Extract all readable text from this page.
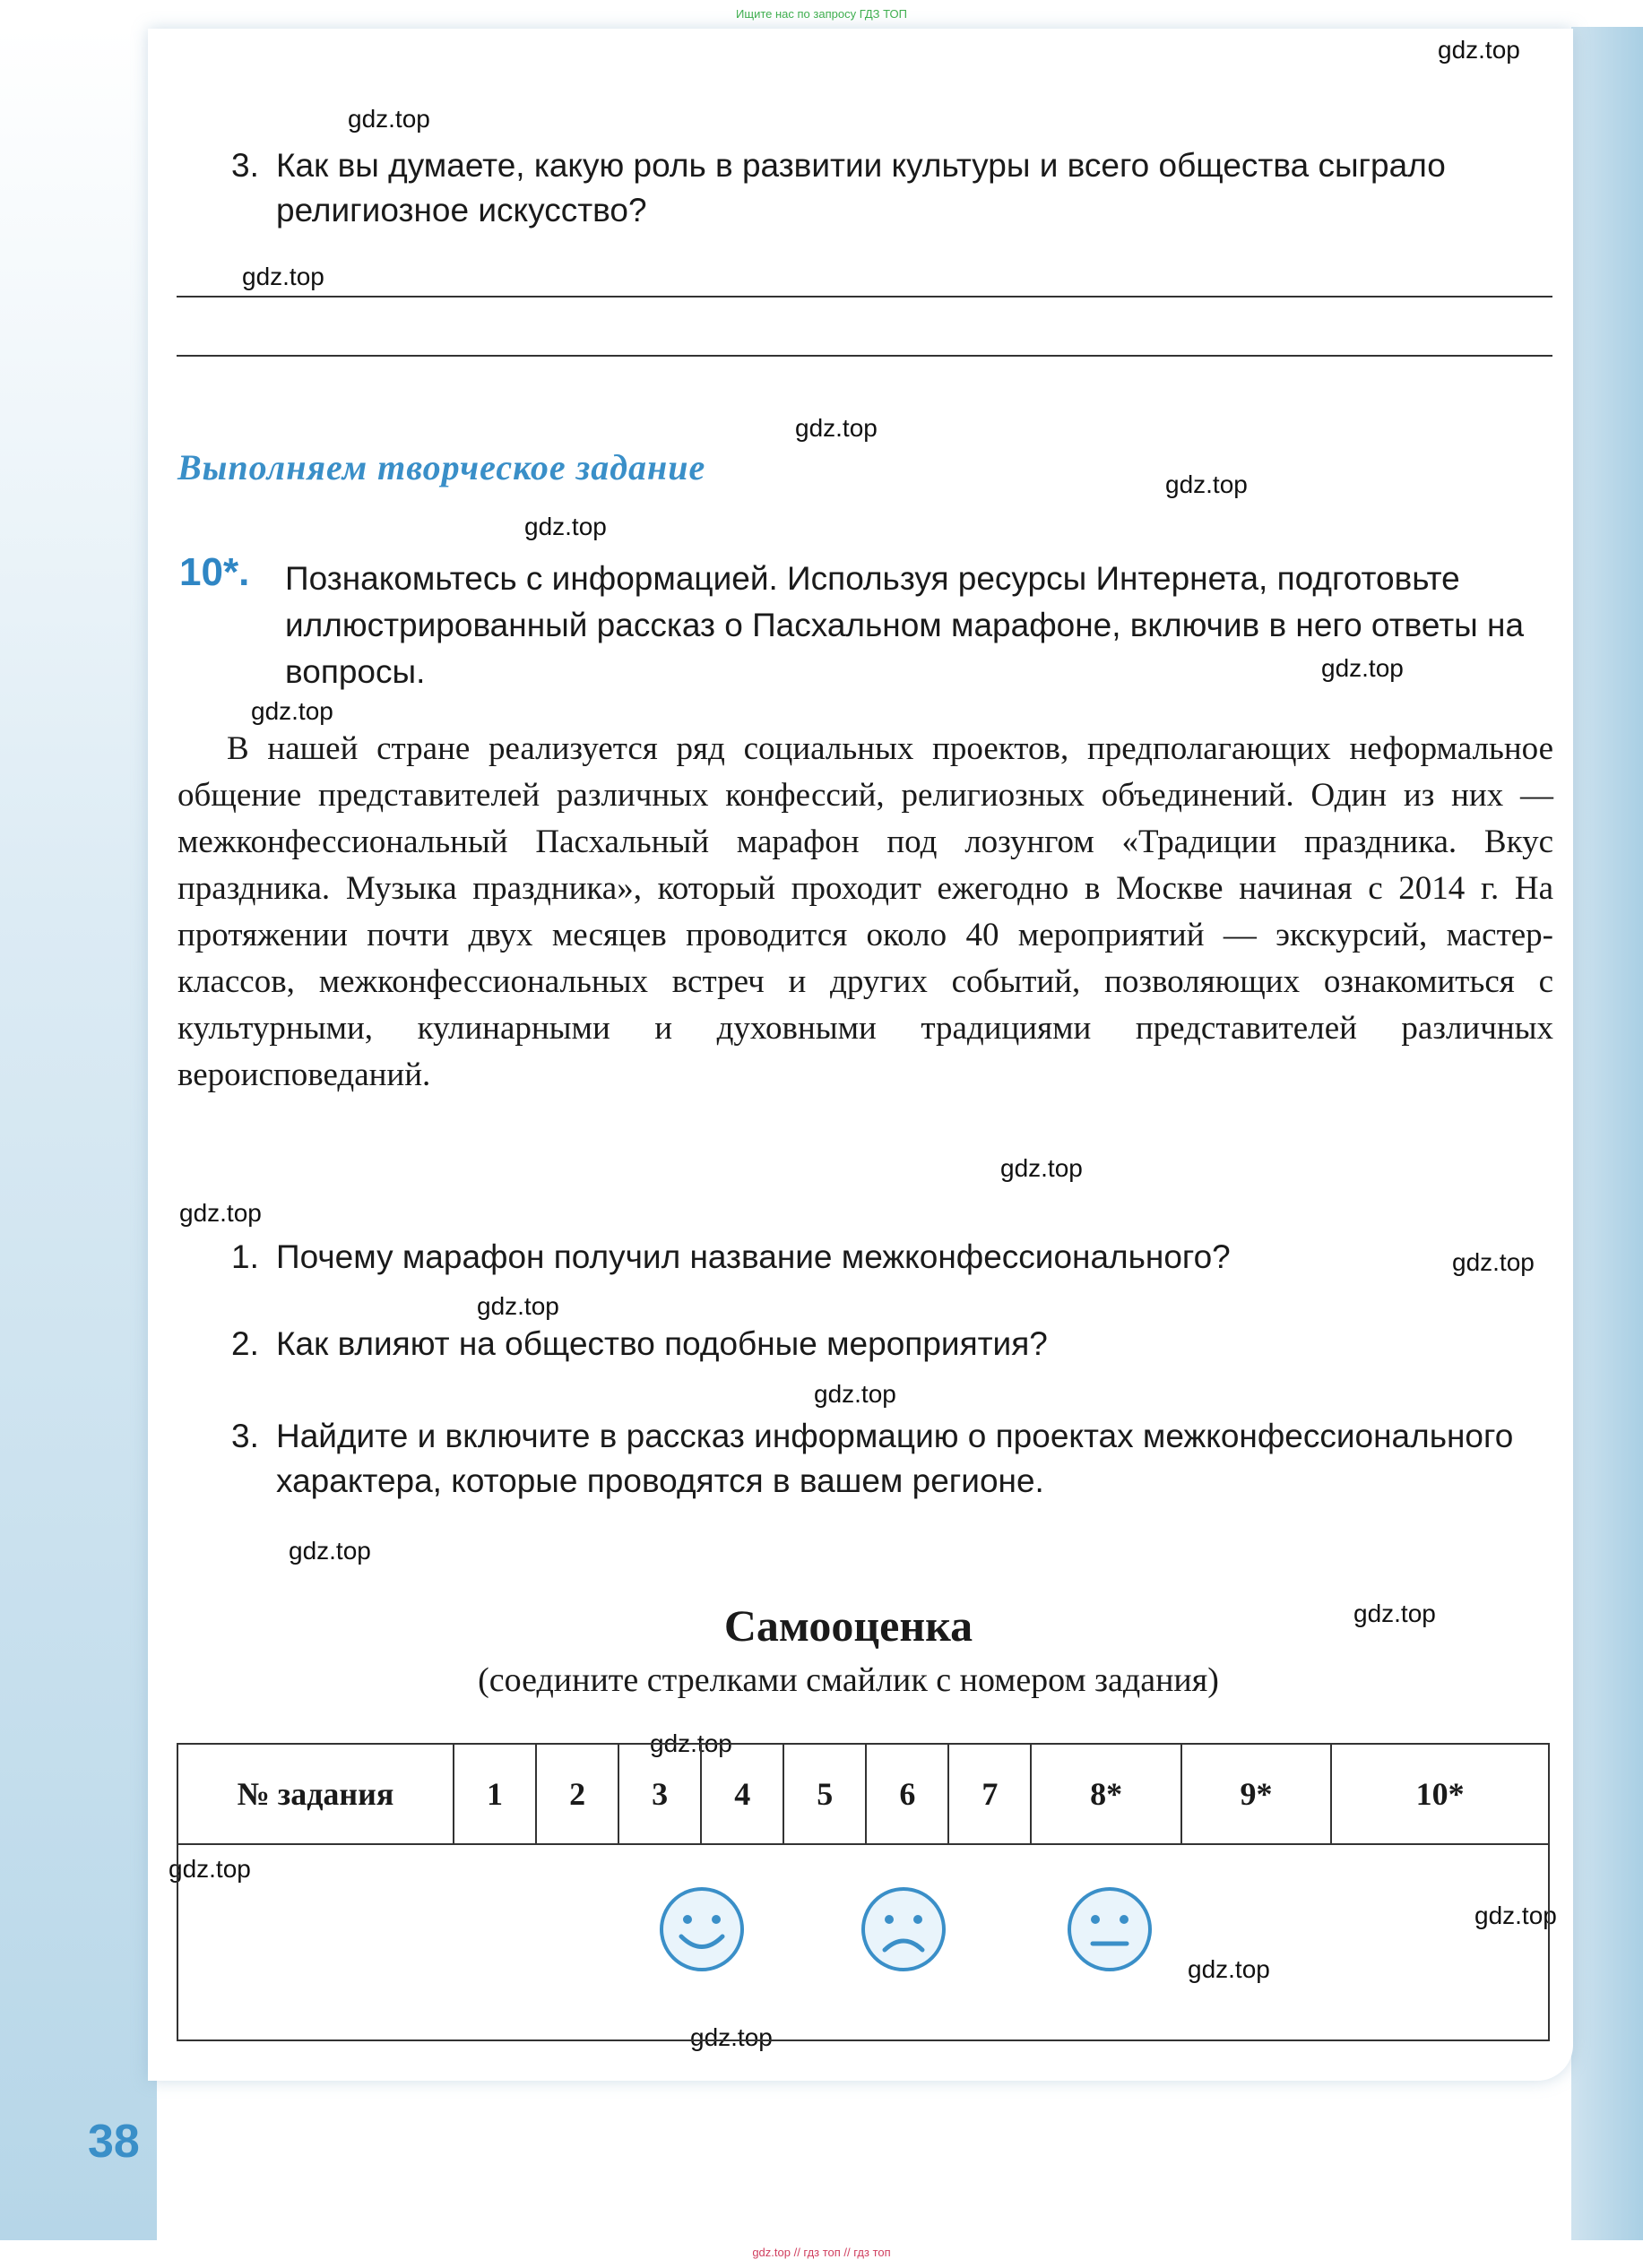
Ищите нас по запросу ГДЗ ТОП
gdz.top
gdz.top
gdz.top
gdz.top
gdz.top
gdz.top
gdz.top
gdz.top
gdz.top
gdz.top
gdz.top
gdz.top
gdz.top
gdz.top
gdz.top
gdz.top
gdz.top
gdz.top
gdz.top
gdz.top
3. Как вы думаете, какую роль в развитии культуры и всего общества сыграло религиозное искусство?
Выполняем творческое задание
10*. Познакомьтесь с информацией. Используя ресурсы Интернета, подготовьте иллюстрированный рассказ о Пасхальном марафоне, включив в него ответы на вопросы.
В нашей стране реализуется ряд социальных проектов, предполагающих неформальное общение представителей различных конфессий, религиозных объединений. Один из них — межконфессиональный Пасхальный марафон под лозунгом «Традиции праздника. Вкус праздника. Музыка праздника», который проходит ежегодно в Москве начиная с 2014 г. На протяжении почти двух месяцев проводится около 40 мероприятий — экскурсий, мастер-классов, межконфессиональных встреч и других событий, позволяющих ознакомиться с культурными, кулинарными и духовными традициями представителей различных вероисповеданий.
1. Почему марафон получил название межконфессионального?
2. Как влияют на общество подобные мероприятия?
3. Найдите и включите в рассказ информацию о проектах межконфессионального характера, которые проводятся в вашем регионе.
Самооценка
(соедините стрелками смайлик с номером задания)
№ задания	1	2	3	4	5	6	7	8*	9*	10*

38
gdz.top // гдз топ // гдз топ
